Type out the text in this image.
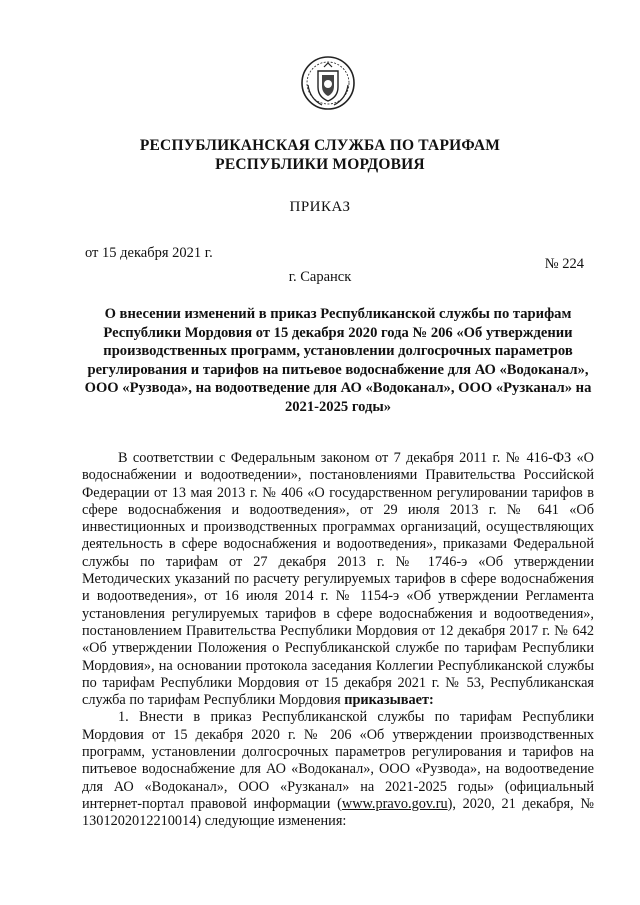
РЕСПУБЛИКАНСКАЯ СЛУЖБА ПО ТАРИФАМ
РЕСПУБЛИКИ МОРДОВИЯ
ПРИКАЗ
от 15 декабря 2021 г.
№ 224
г. Саранск
О внесении изменений в приказ Республиканской службы по тарифам Республики Мордовия от 15 декабря 2020 года № 206 «Об утверждении производственных программ, установлении долгосрочных параметров регулирования и тарифов на питьевое водоснабжение для АО «Водоканал», ООО «Рузвода», на водоотведение для АО «Водоканал», ООО «Рузканал» на 2021-2025 годы»

В соответствии с Федеральным законом от 7 декабря 2011 г. № 416-ФЗ «О водоснабжении и водоотведении», постановлениями Правительства Российской Федерации от 13 мая 2013 г. № 406 «О государственном регулировании тарифов в сфере водоснабжения и водоотведения», от 29 июля 2013 г. № 641 «Об инвестиционных и производственных программах организаций, осуществляющих деятельность в сфере водоснабжения и водоотведения», приказами Федеральной службы по тарифам от 27 декабря 2013 г. № 1746-э «Об утверждении Методических указаний по расчету регулируемых тарифов в сфере водоснабжения и водоотведения», от 16 июля 2014 г. № 1154-э «Об утверждении Регламента установления регулируемых тарифов в сфере водоснабжения и водоотведения», постановлением Правительства Республики Мордовия от 12 декабря 2017 г. № 642 «Об утверждении Положения о Республиканской службе по тарифам Республики Мордовия», на основании протокола заседания Коллегии Республиканской службы по тарифам Республики Мордовия от 15 декабря 2021 г. № 53, Республиканская служба по тарифам Республики Мордовия приказывает:

1. Внести в приказ Республиканской службы по тарифам Республики Мордовия от 15 декабря 2020 г. № 206 «Об утверждении производственных программ, установлении долгосрочных параметров регулирования и тарифов на питьевое водоснабжение для АО «Водоканал», ООО «Рузвода», на водоотведение для АО «Водоканал», ООО «Рузканал» на 2021-2025 годы» (официальный интернет-портал правовой информации (www.pravo.gov.ru), 2020, 21 декабря, № 1301202012210014) следующие изменения:
